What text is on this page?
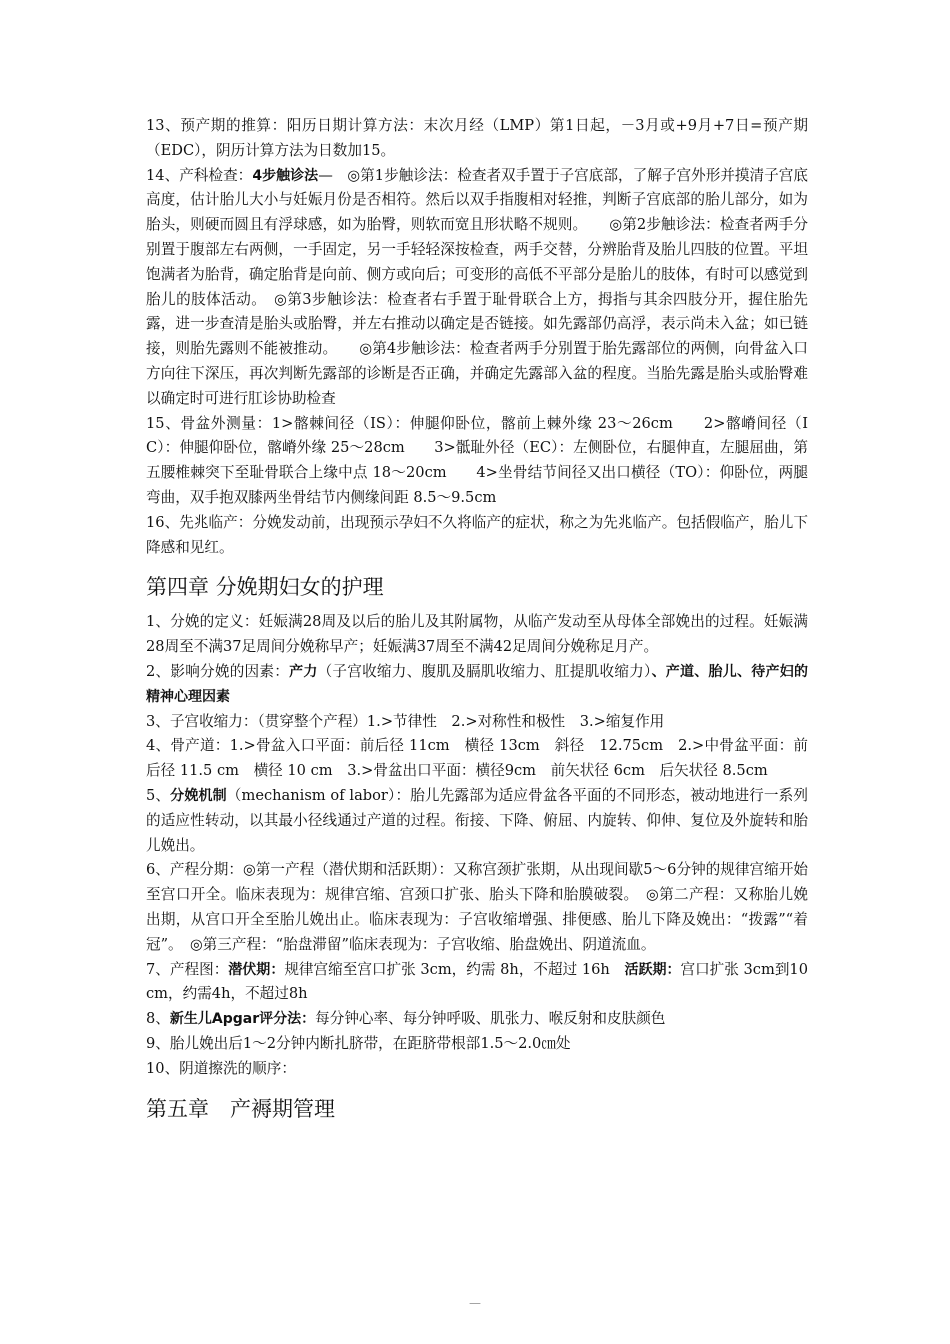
13、预产期的推算：阳历日期计算方法：末次月经（LMP）第1日起，－3月或+9月+7日=预产期（EDC），阴历计算方法为日数加15。

14、产科检查：4步触诊法—　◎第1步触诊法：检查者双手置于子宫底部，了解子宫外形并摸清子宫底高度，估计胎儿大小与妊娠月份是否相符。然后以双手指腹相对轻推，判断子宫底部的胎儿部分，如为胎头，则硬而圆且有浮球感，如为胎臀，则软而宽且形状略不规则。　　◎第2步触诊法：检查者两手分别置于腹部左右两侧，一手固定，另一手轻轻深按检查，两手交替，分辨胎背及胎儿四肢的位置。平坦饱满者为胎背，确定胎背是向前、侧方或向后；可变形的高低不平部分是胎儿的肢体，有时可以感觉到胎儿的肢体活动。　◎第3步触诊法：检查者右手置于耻骨联合上方，拇指与其余四肢分开，握住胎先露，进一步查清是胎头或胎臀，并左右推动以确定是否链接。如先露部仍高浮，表示尚未入盆；如已链接，则胎先露则不能被推动。　　◎第4步触诊法：检查者两手分别置于胎先露部位的两侧，向骨盆入口方向往下深压，再次判断先露部的诊断是否正确，并确定先露部入盆的程度。当胎先露是胎头或胎臀难以确定时可进行肛诊协助检查

15、骨盆外测量：1>髂棘间径（IS）：伸腿仰卧位，髂前上棘外缘 23～26cm　　2>髂嵴间径（IC）：伸腿仰卧位，髂嵴外缘 25～28cm　　3>骶耻外径（EC）：左侧卧位，右腿伸直，左腿屈曲，第五腰椎棘突下至耻骨联合上缘中点 18～20cm　　4>坐骨结节间径又出口横径（TO）：仰卧位，两腿弯曲，双手抱双膝两坐骨结节内侧缘间距 8.5～9.5cm

16、先兆临产：分娩发动前，出现预示孕妇不久将临产的症状，称之为先兆临产。包括假临产，胎儿下降感和见红。

第四章 分娩期妇女的护理

1、分娩的定义：妊娠满28周及以后的胎儿及其附属物，从临产发动至从母体全部娩出的过程。妊娠满28周至不满37足周间分娩称早产；妊娠满37周至不满42足周间分娩称足月产。

2、影响分娩的因素：产力（子宫收缩力、腹肌及膈肌收缩力、肛提肌收缩力）、产道、胎儿、待产妇的精神心理因素

3、子宫收缩力：（贯穿整个产程）1.>节律性　2.>对称性和极性　3.>缩复作用

4、骨产道：1.>骨盆入口平面：前后径 11cm　横径 13cm　斜径　12.75cm　2.>中骨盆平面：前后径 11.5 cm　横径 10 cm　3.>骨盆出口平面：横径9cm　前矢状径 6cm　后矢状径 8.5cm

5、分娩机制（mechanism of labor）：胎儿先露部为适应骨盆各平面的不同形态，被动地进行一系列的适应性转动，以其最小径线通过产道的过程。衔接、下降、俯屈、内旋转、仰伸、复位及外旋转和胎儿娩出。

6、产程分期：◎第一产程（潜伏期和活跃期）：又称宫颈扩张期，从出现间歇5～6分钟的规律宫缩开始至宫口开全。临床表现为：规律宫缩、宫颈口扩张、胎头下降和胎膜破裂。　◎第二产程：又称胎儿娩出期，从宫口开全至胎儿娩出止。临床表现为：子宫收缩增强、排便感、胎儿下降及娩出：“拨露”“着冠”。　◎第三产程：“胎盘滞留”临床表现为：子宫收缩、胎盘娩出、阴道流血。

7、产程图：潜伏期：规律宫缩至宫口扩张 3cm，约需 8h，不超过 16h　活跃期：宫口扩张 3cm到10cm，约需4h，不超过8h

8、新生儿Apgar评分法：每分钟心率、每分钟呼吸、肌张力、喉反射和皮肤颜色

9、胎儿娩出后1～2分钟内断扎脐带，在距脐带根部1.5～2.0㎝处

10、阴道擦洗的顺序：

第五章　产褥期管理
—
